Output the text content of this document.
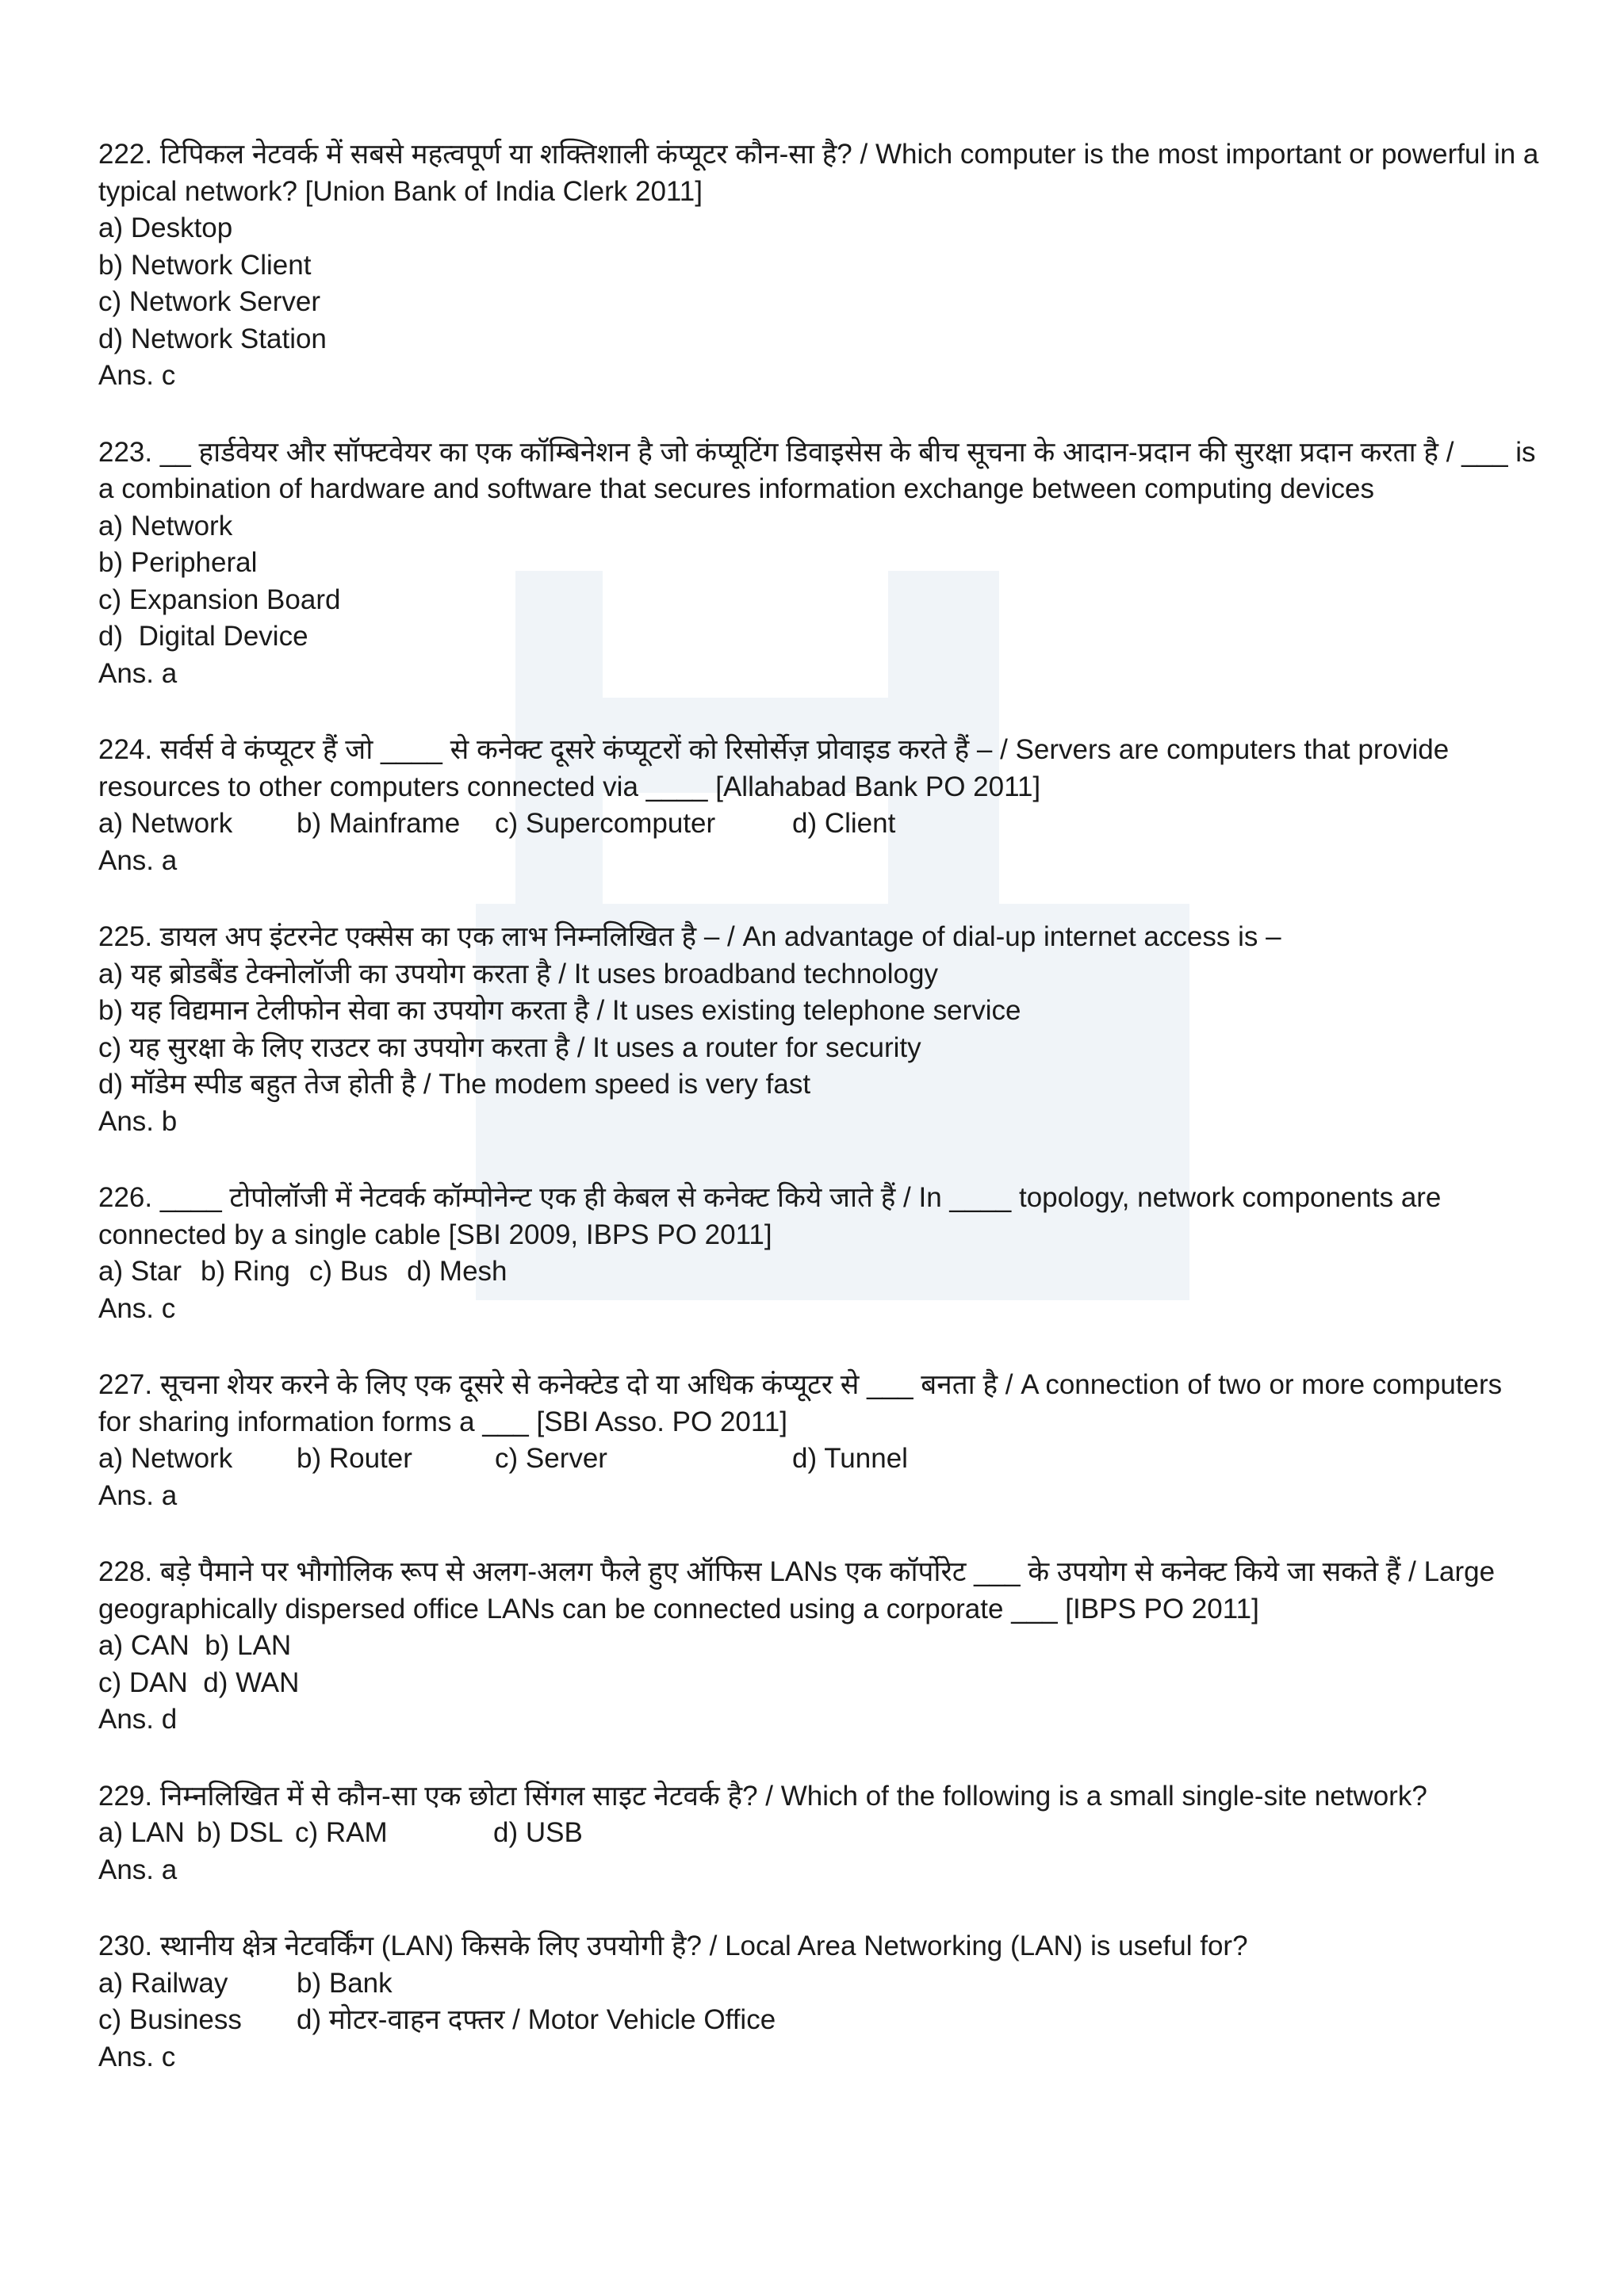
222. टिपिकल नेटवर्क में सबसे महत्वपूर्ण या शक्तिशाली कंप्यूटर कौन-सा है? / Which computer is the most important or powerful in a typical network? [Union Bank of India Clerk 2011]
a) Desktop
b) Network Client
c) Network Server
d) Network Station
Ans. c
223. __ हार्डवेयर और सॉफ्टवेयर का एक कॉम्बिनेशन है जो कंप्यूटिंग डिवाइसेस के बीच सूचना के आदान-प्रदान की सुरक्षा प्रदान करता है / ___ is a combination of hardware and software that secures information exchange between computing devices
a) Network
b) Peripheral
c) Expansion Board
d)  Digital Device
Ans. a
224. सर्वर्स वे कंप्यूटर हैं जो ____ से कनेक्ट दूसरे कंप्यूटरों को रिसोर्सेज़ प्रोवाइड करते हैं – / Servers are computers that provide resources to other computers connected via ____ [Allahabad Bank PO 2011]
a) Network	b) Mainframe	c) Supercomputer	d) Client
Ans. a
225. डायल अप इंटरनेट एक्सेस का एक लाभ निम्नलिखित है – / An advantage of dial-up internet access is –
a) यह ब्रोडबैंड टेक्नोलॉजी का उपयोग करता है / It uses broadband technology
b) यह विद्यमान टेलीफोन सेवा का उपयोग करता है / It uses existing telephone service
c) यह सुरक्षा के लिए राउटर का उपयोग करता है / It uses a router for security
d) मॉडेम स्पीड बहुत तेज होती है / The modem speed is very fast
Ans. b
226. ____ टोपोलॉजी में नेटवर्क कॉम्पोनेन्ट एक ही केबल से कनेक्ट किये जाते हैं / In ____ topology, network components are connected by a single cable [SBI 2009, IBPS PO 2011]
a) Star b) Ring c) Bus d) Mesh
Ans. c
227. सूचना शेयर करने के लिए एक दूसरे से कनेक्टेड दो या अधिक कंप्यूटर से ___ बनता है / A connection of two or more computers for sharing information forms a ___ [SBI Asso. PO 2011]
a) Network	b) Router	c) Server	d) Tunnel
Ans. a
228. बड़े पैमाने पर भौगोलिक रूप से अलग-अलग फैले हुए ऑफिस LANs एक कॉर्पोरेट ___ के उपयोग से कनेक्ट किये जा सकते हैं / Large geographically dispersed office LANs can be connected using a corporate ___ [IBPS PO 2011]
a) CAN  b) LAN
c) DAN  d) WAN
Ans. d
229. निम्नलिखित में से कौन-सा एक छोटा सिंगल साइट नेटवर्क है? / Which of the following is a small single-site network?
a) LAN b) DSL c) RAM	d) USB
Ans. a
230. स्थानीय क्षेत्र नेटवर्किंग (LAN) किसके लिए उपयोगी है? / Local Area Networking (LAN) is useful for?
a) Railway	b) Bank
c) Business	d) मोटर-वाहन दफ्तर / Motor Vehicle Office
Ans. c
